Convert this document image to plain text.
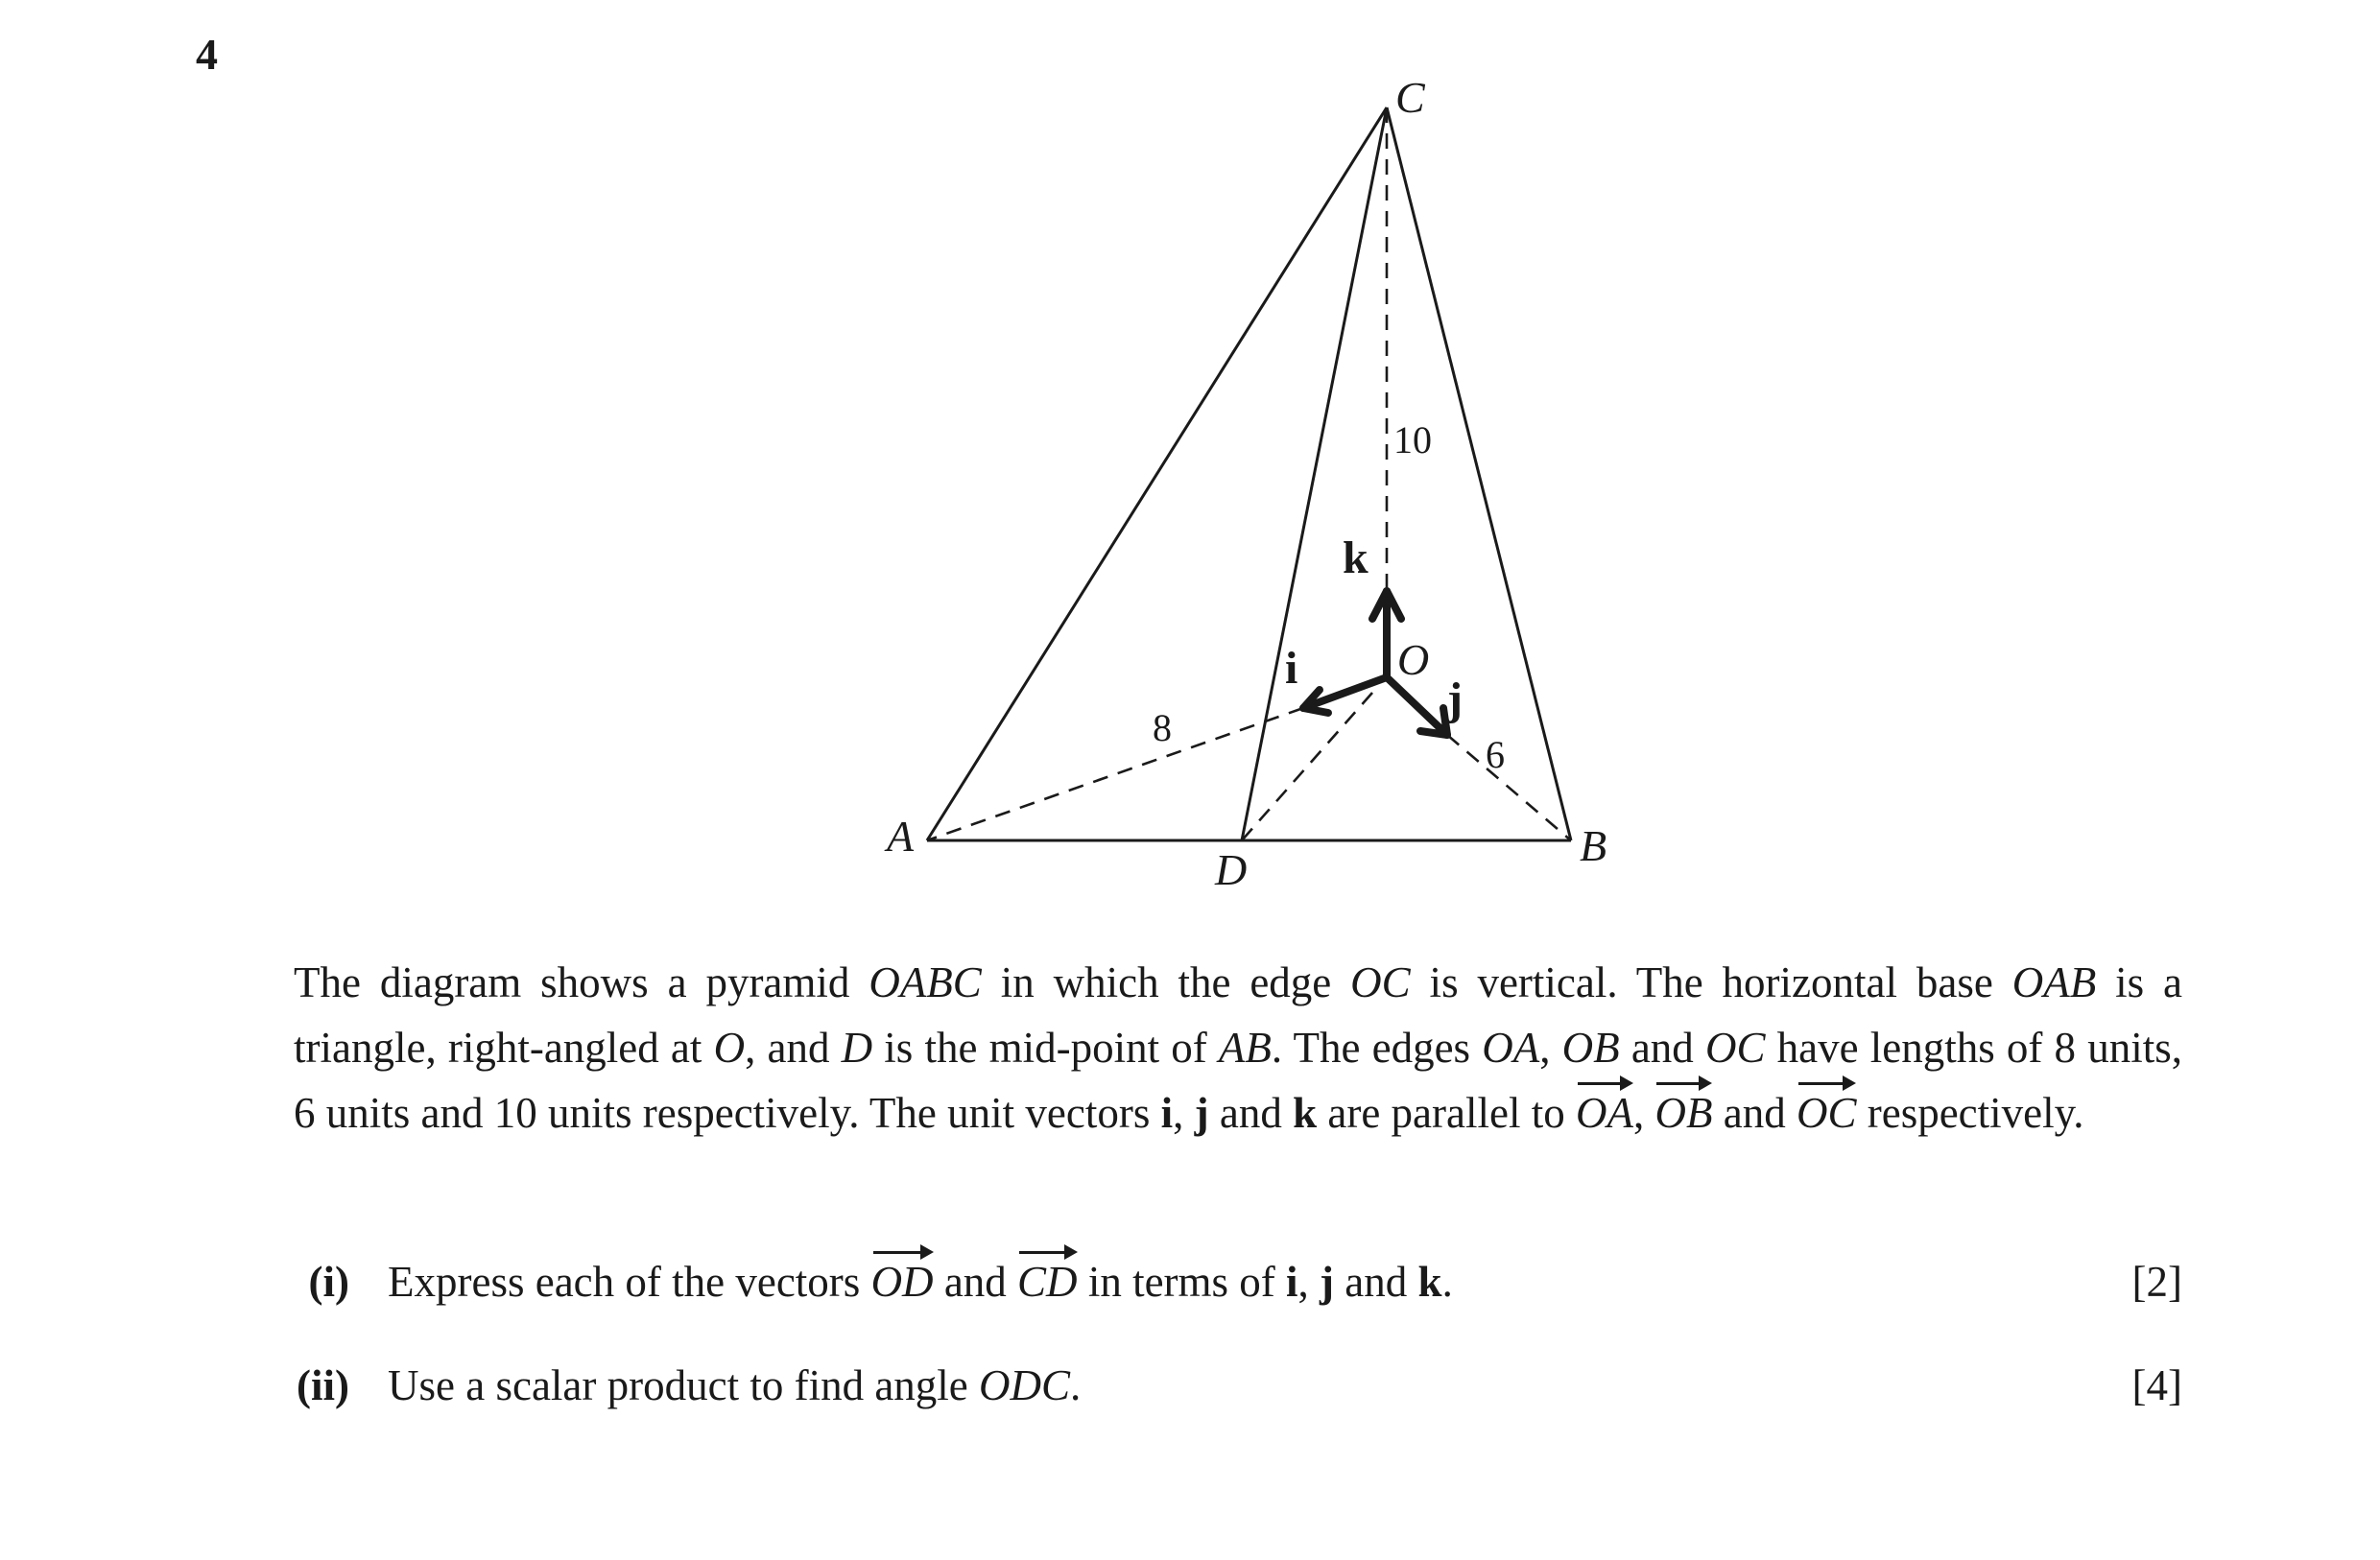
4
C
A	B
D
O
10
8
6
k
i
j
The diagram shows a pyramid OABC in which the edge OC is vertical. The horizontal base OAB is a triangle, right-angled at O, and D is the mid-point of AB. The edges OA, OB and OC have lengths of 8 units, 6 units and 10 units respectively. The unit vectors i, j and k are parallel to OA, OB and OC respectively.
(i) Express each of the vectors OD and CD in terms of i, j and k.	[2]
(ii) Use a scalar product to find angle ODC.	[4]
